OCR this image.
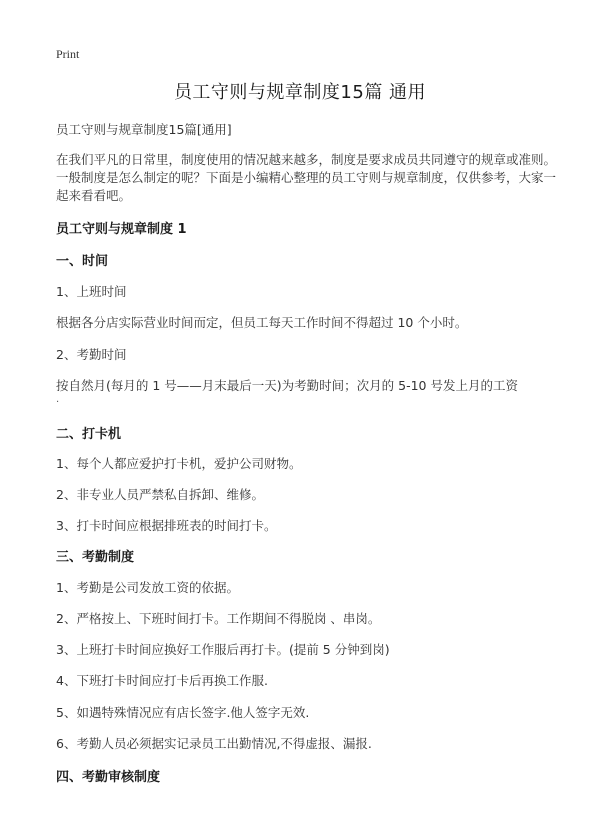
Print
员工守则与规章制度15篇 通用
员工守则与规章制度15篇[通用]
在我们平凡的日常里，制度使用的情况越来越多，制度是要求成员共同遵守的规章或准则。一般制度是怎么制定的呢？下面是小编精心整理的员工守则与规章制度，仅供参考，大家一起来看看吧。
员工守则与规章制度 1
一、时间
1、上班时间
根据各分店实际营业时间而定，但员工每天工作时间不得超过 10 个小时。
2、考勤时间
按自然月(每月的 1 号——月末最后一天)为考勤时间；次月的 5-10 号发上月的工资
.
二、打卡机
1、每个人都应爱护打卡机，爱护公司财物。
2、非专业人员严禁私自拆卸、维修。
3、打卡时间应根据排班表的时间打卡。
三、考勤制度
1、考勤是公司发放工资的依据。
2、严格按上、下班时间打卡。工作期间不得脱岗 、串岗。
3、上班打卡时间应换好工作服后再打卡。(提前 5 分钟到岗)
4、下班打卡时间应打卡后再换工作服.
5、如遇特殊情况应有店长签字.他人签字无效.
6、考勤人员必须据实记录员工出勤情况,不得虚报、漏报.
四、考勤审核制度
